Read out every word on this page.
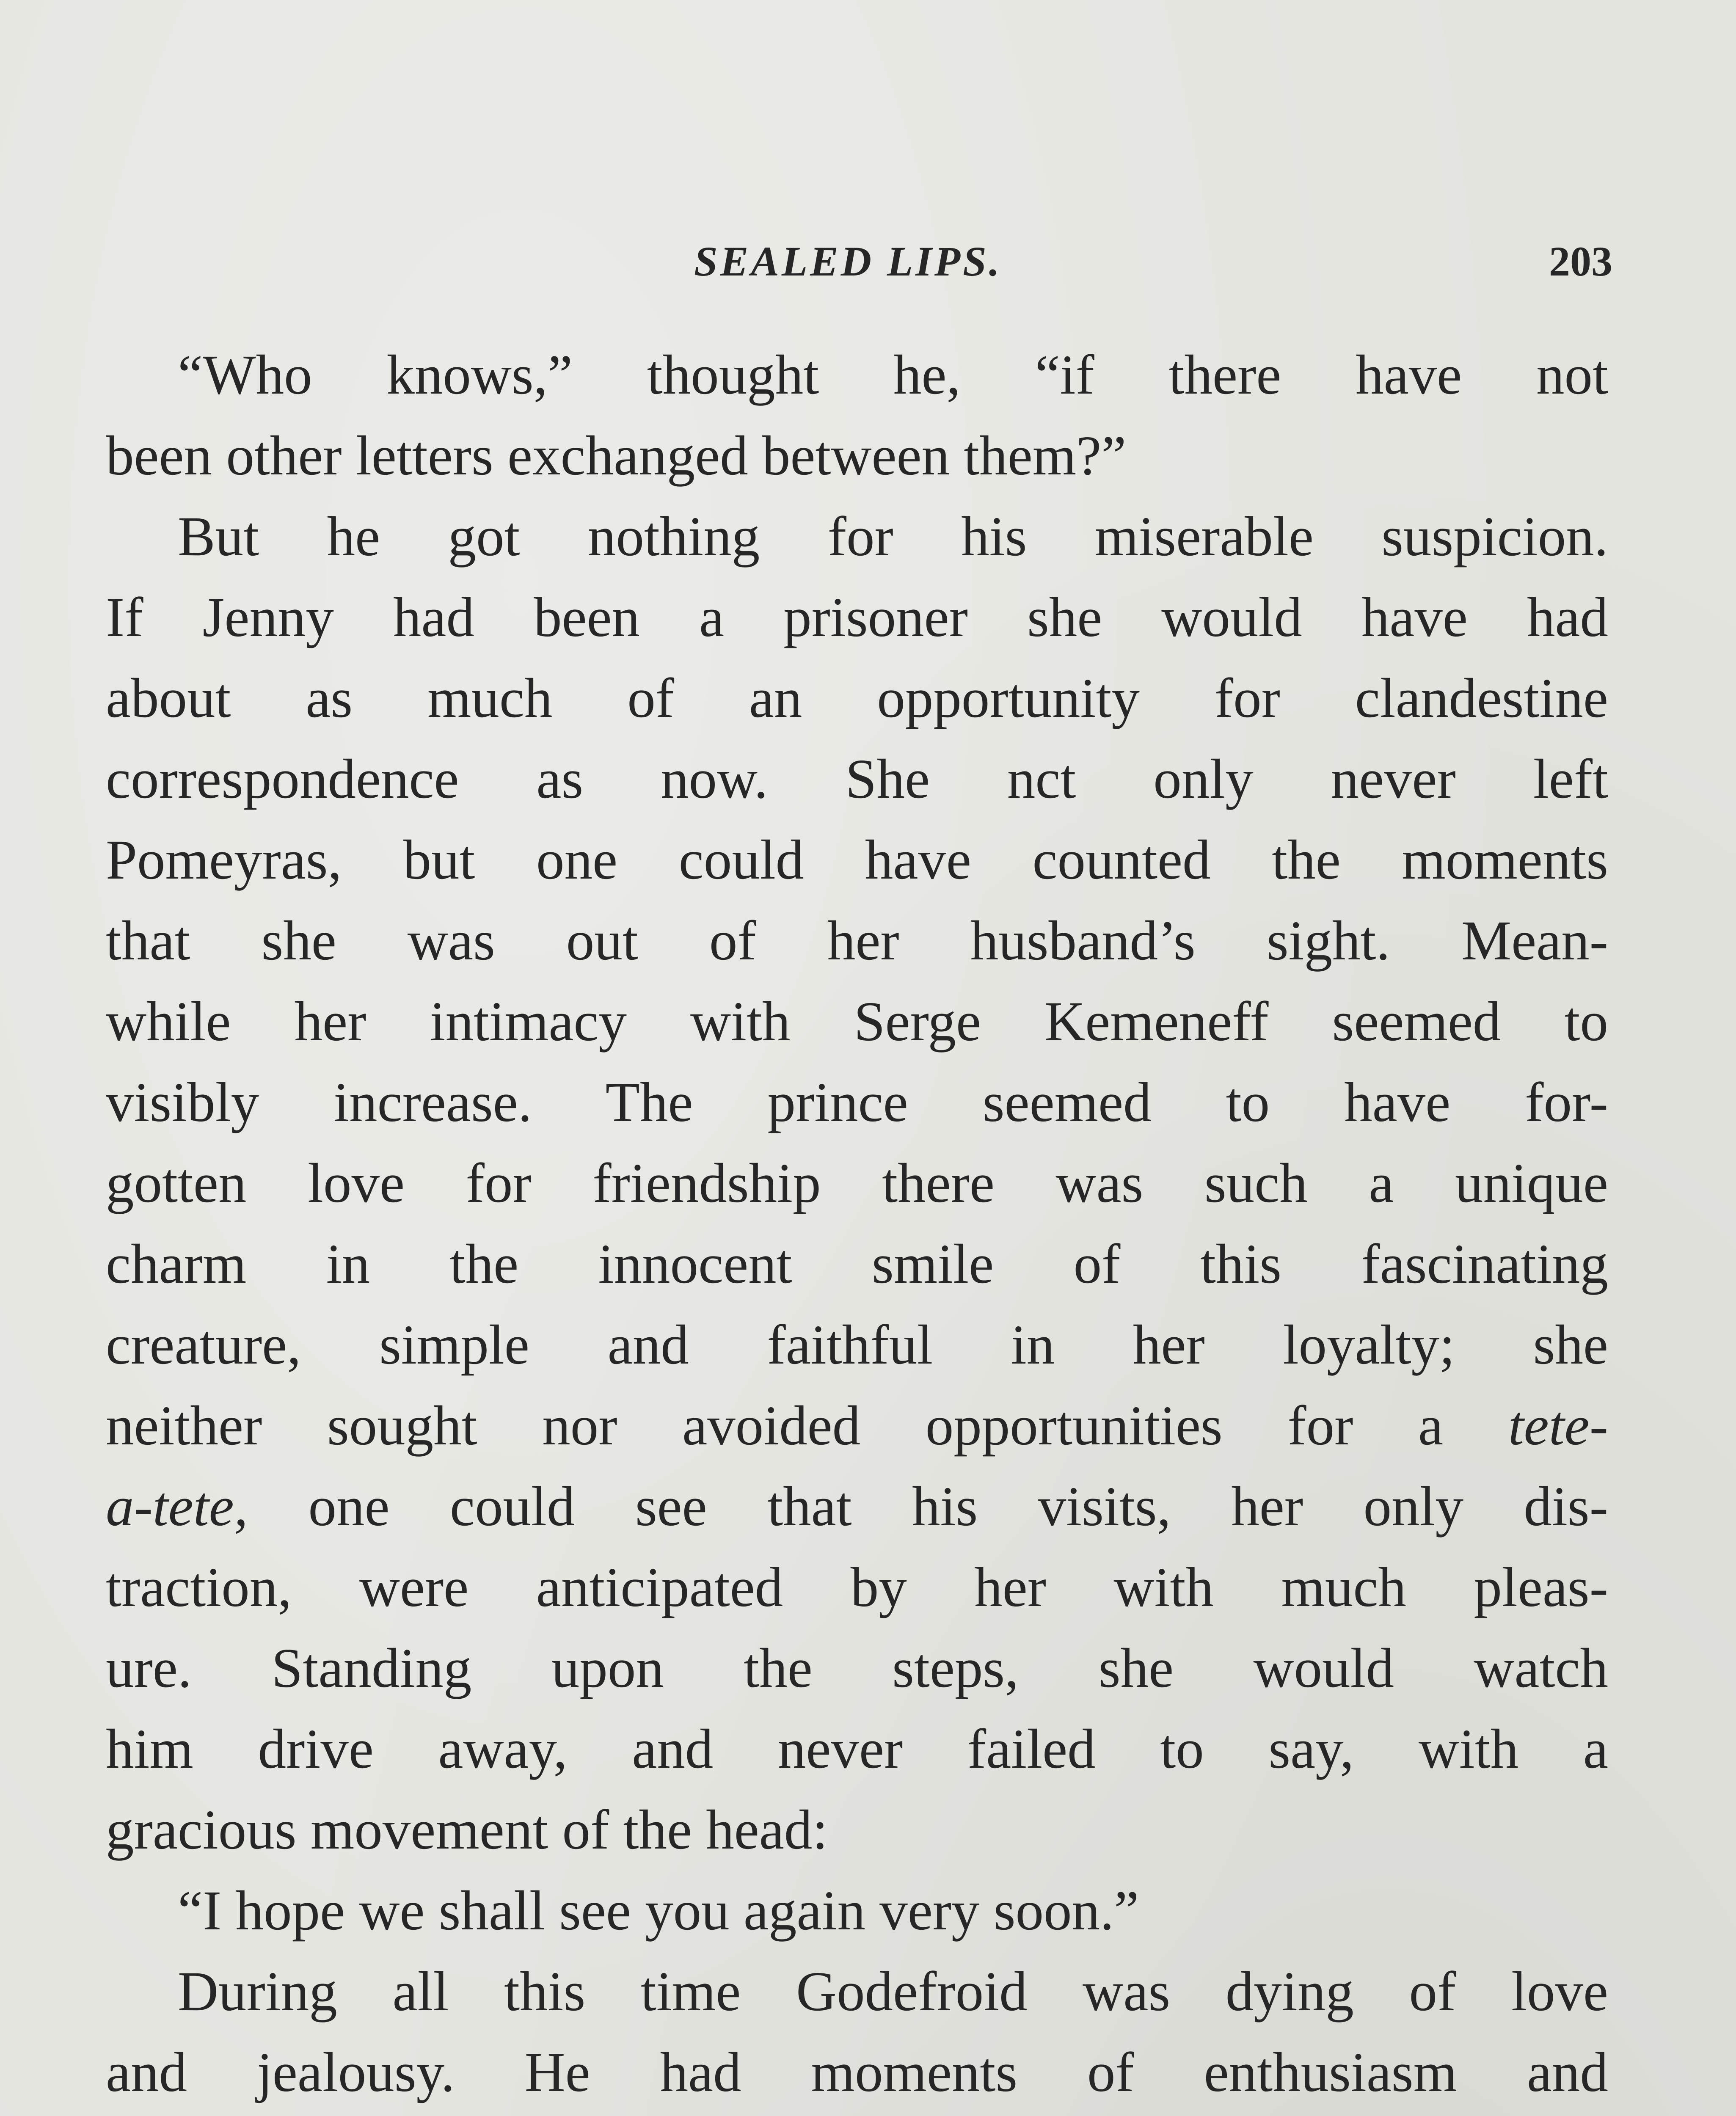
SEALED LIPS.	203
“Who knows,” thought he, “if there have not
been other letters exchanged between them?”
But he got nothing for his miserable suspicion.
If Jenny had been a prisoner she would have had
about as much of an opportunity for clandestine
correspondence as now. She nct only never left
Pomeyras, but one could have counted the moments
that she was out of her husband’s sight. Mean-
while her intimacy with Serge Kemeneff seemed to
visibly increase. The prince seemed to have for-
gotten love for friendship there was such a unique
charm in the innocent smile of this fascinating
creature, simple and faithful in her loyalty; she
neither sought nor avoided opportunities for a tete-
a-tete, one could see that his visits, her only dis-
traction, were anticipated by her with much pleas-
ure. Standing upon the steps, she would watch
him drive away, and never failed to say, with a
gracious movement of the head:
“I hope we shall see you again very soon.”
During all this time Godefroid was dying of love
and jealousy. He had moments of enthusiasm and
